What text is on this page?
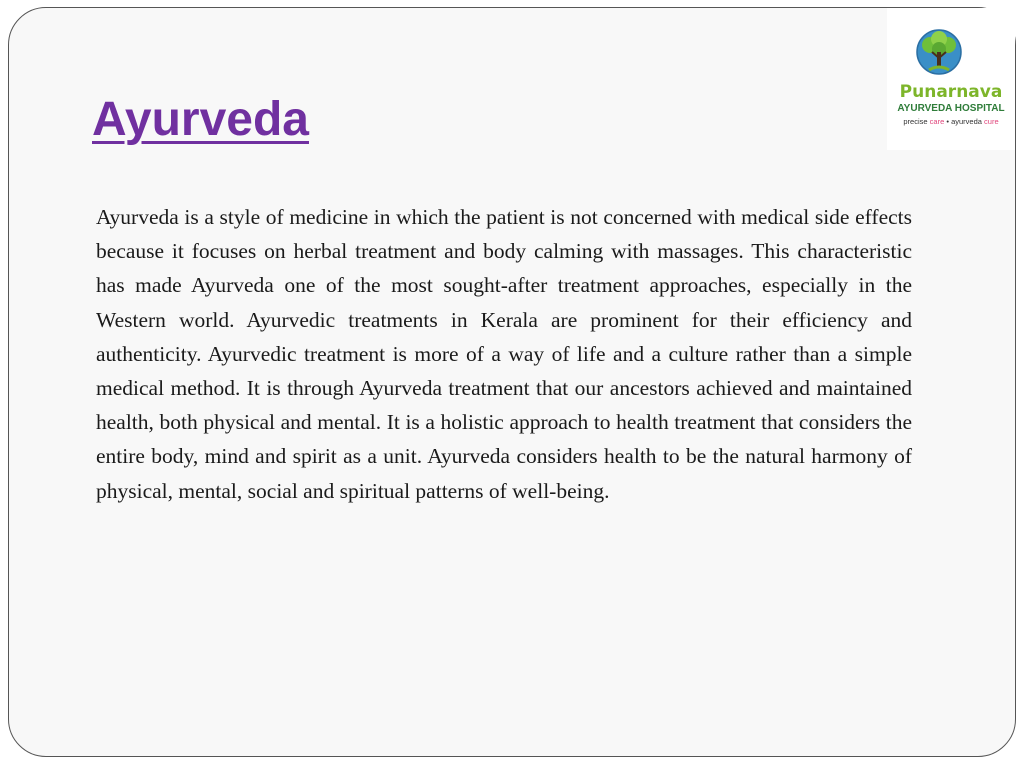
Punarnava
AYURVEDA HOSPITAL
precise care • ayurveda cure
Ayurveda

Ayurveda is a style of medicine in which the patient is not concerned with medical side effects because it focuses on herbal treatment and body calming with massages. This characteristic has made Ayurveda one of the most sought-after treatment approaches, especially in the Western world. Ayurvedic treatments in Kerala are prominent for their efficiency and authenticity. Ayurvedic treatment is more of a way of life and a culture rather than a simple medical method. It is through Ayurveda treatment that our ancestors achieved and maintained health, both physical and mental. It is a holistic approach to health treatment that considers the entire body, mind and spirit as a unit. Ayurveda considers health to be the natural harmony of physical, mental, social and spiritual patterns of well-being.
